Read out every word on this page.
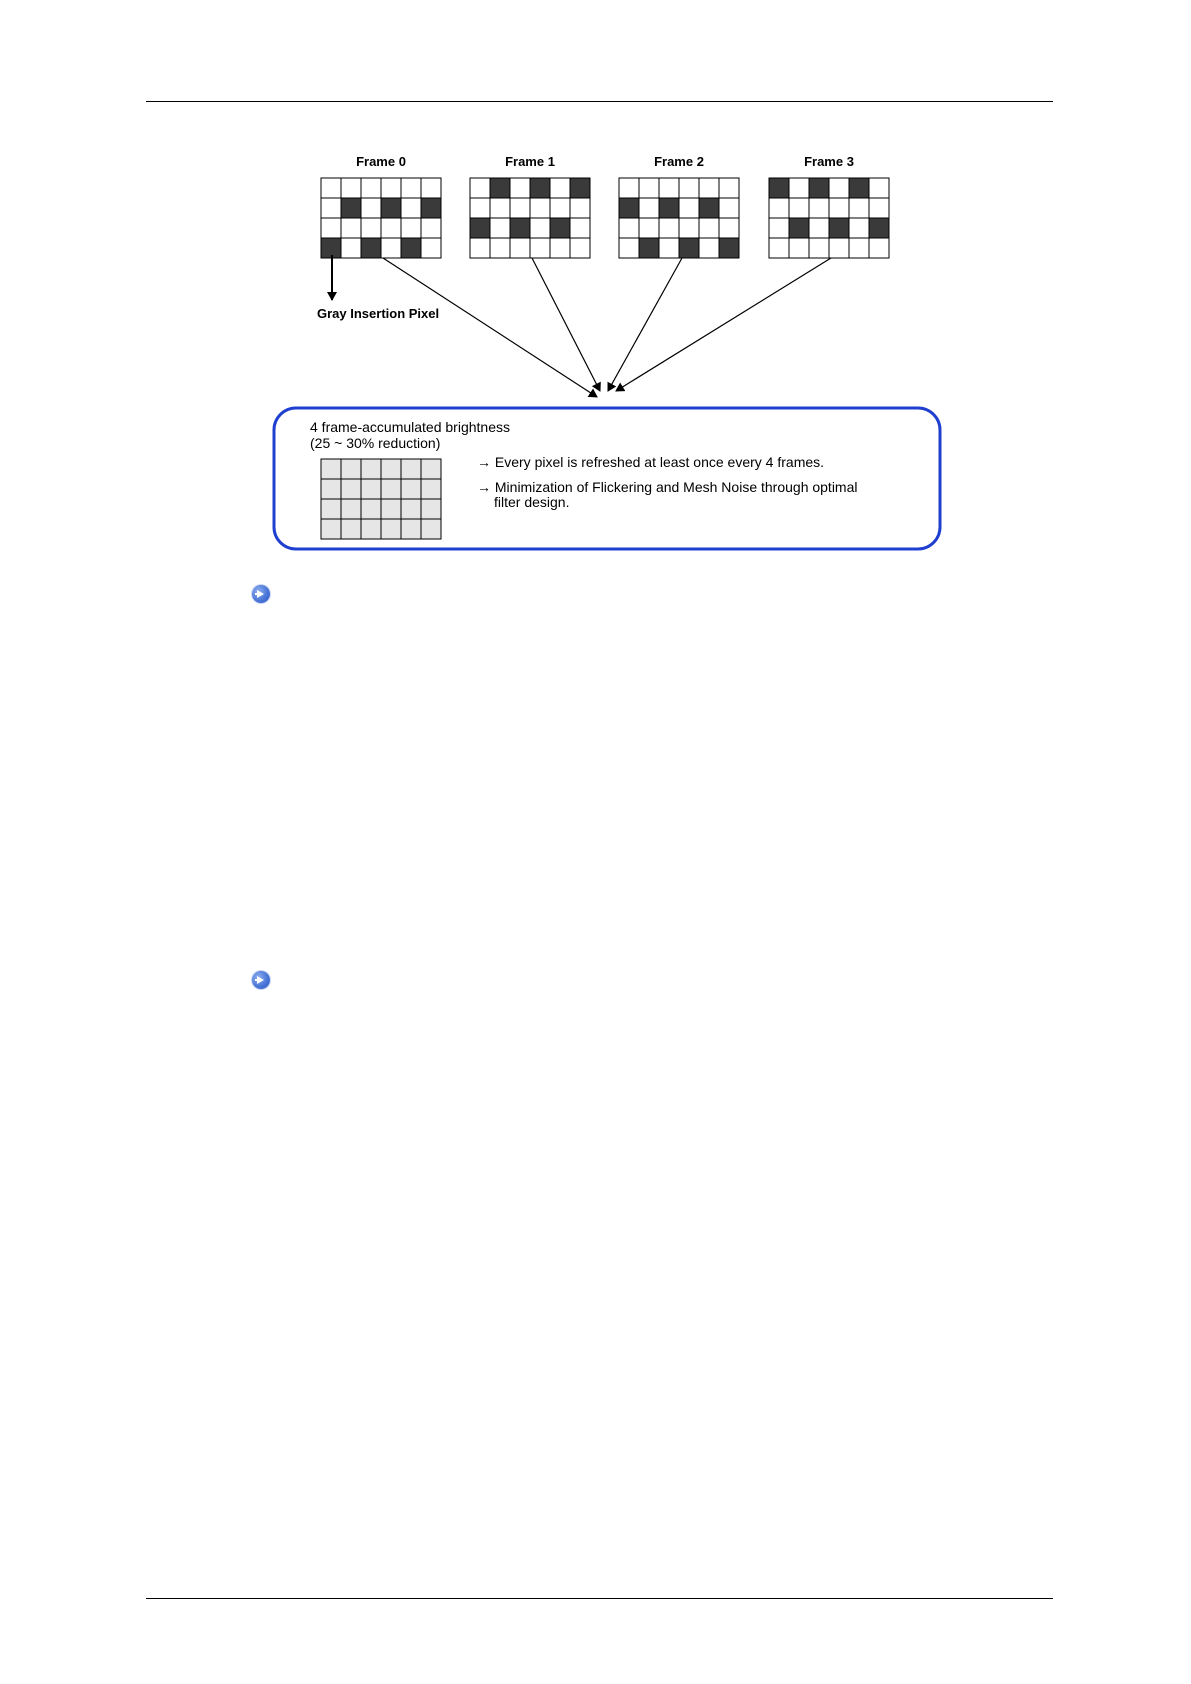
Frame 0	Frame 1	Frame 2	Frame 3
Gray Insertion Pixel
4 frame-accumulated brightness
(25 ~ 30% reduction)
→ Every pixel is refreshed at least once every 4 frames.
→ Minimization of Flickering and Mesh Noise through optimal
filter design.
